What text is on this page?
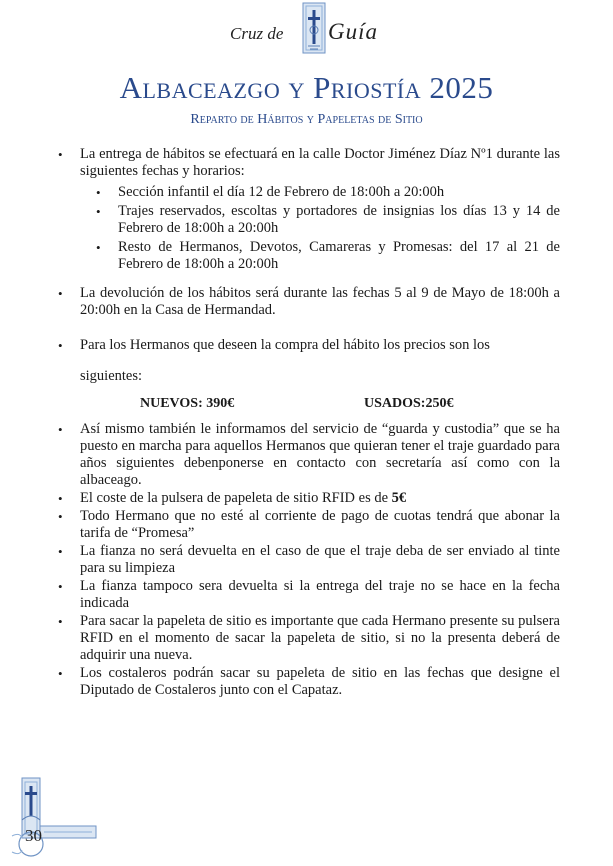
Cruz de Guía
Albaceazgo y Priostía 2025
Reparto de Hábitos y Papeletas de Sitio
• La entrega de hábitos se efectuará en la calle Doctor Jiménez Díaz Nº1 durante las siguientes fechas y horarios:
• Sección infantil el día 12 de Febrero de 18:00h a 20:00h
• Trajes reservados, escoltas y portadores de insignias los días 13 y 14 de Febrero de 18:00h a 20:00h
• Resto de Hermanos, Devotos, Camareras y Promesas: del 17 al 21 de Febrero de 18:00h a 20:00h
• La devolución de los hábitos será durante las fechas 5 al 9 de Mayo de 18:00h a 20:00h en la Casa de Hermandad.
• Para los Hermanos que deseen la compra del hábito los precios son los
siguientes:
NUEVOS: 390€	USADOS:250€
• Así mismo también le informamos del servicio de “guarda y custodia” que se ha puesto en marcha para aquellos Hermanos que quieran tener el traje guardado para años siguientes debenponerse en contacto con secretaría así como con la albaceago.
• El coste de la pulsera de papeleta de sitio RFID es de 5€
• Todo Hermano que no esté al corriente de pago de cuotas tendrá que abonar la tarifa de “Promesa”
• La fianza no será devuelta en el caso de que el traje deba de ser enviado al tinte para su limpieza
• La fianza tampoco sera devuelta si la entrega del traje no se hace en la fecha indicada
• Para sacar la papeleta de sitio es importante que cada Hermano presente su pulsera RFID en el momento de sacar la papeleta de sitio, si no la presenta deberá de adquirir una nueva.
• Los costaleros podrán sacar su papeleta de sitio en las fechas que designe el Diputado de Costaleros junto con el Capataz.
30
